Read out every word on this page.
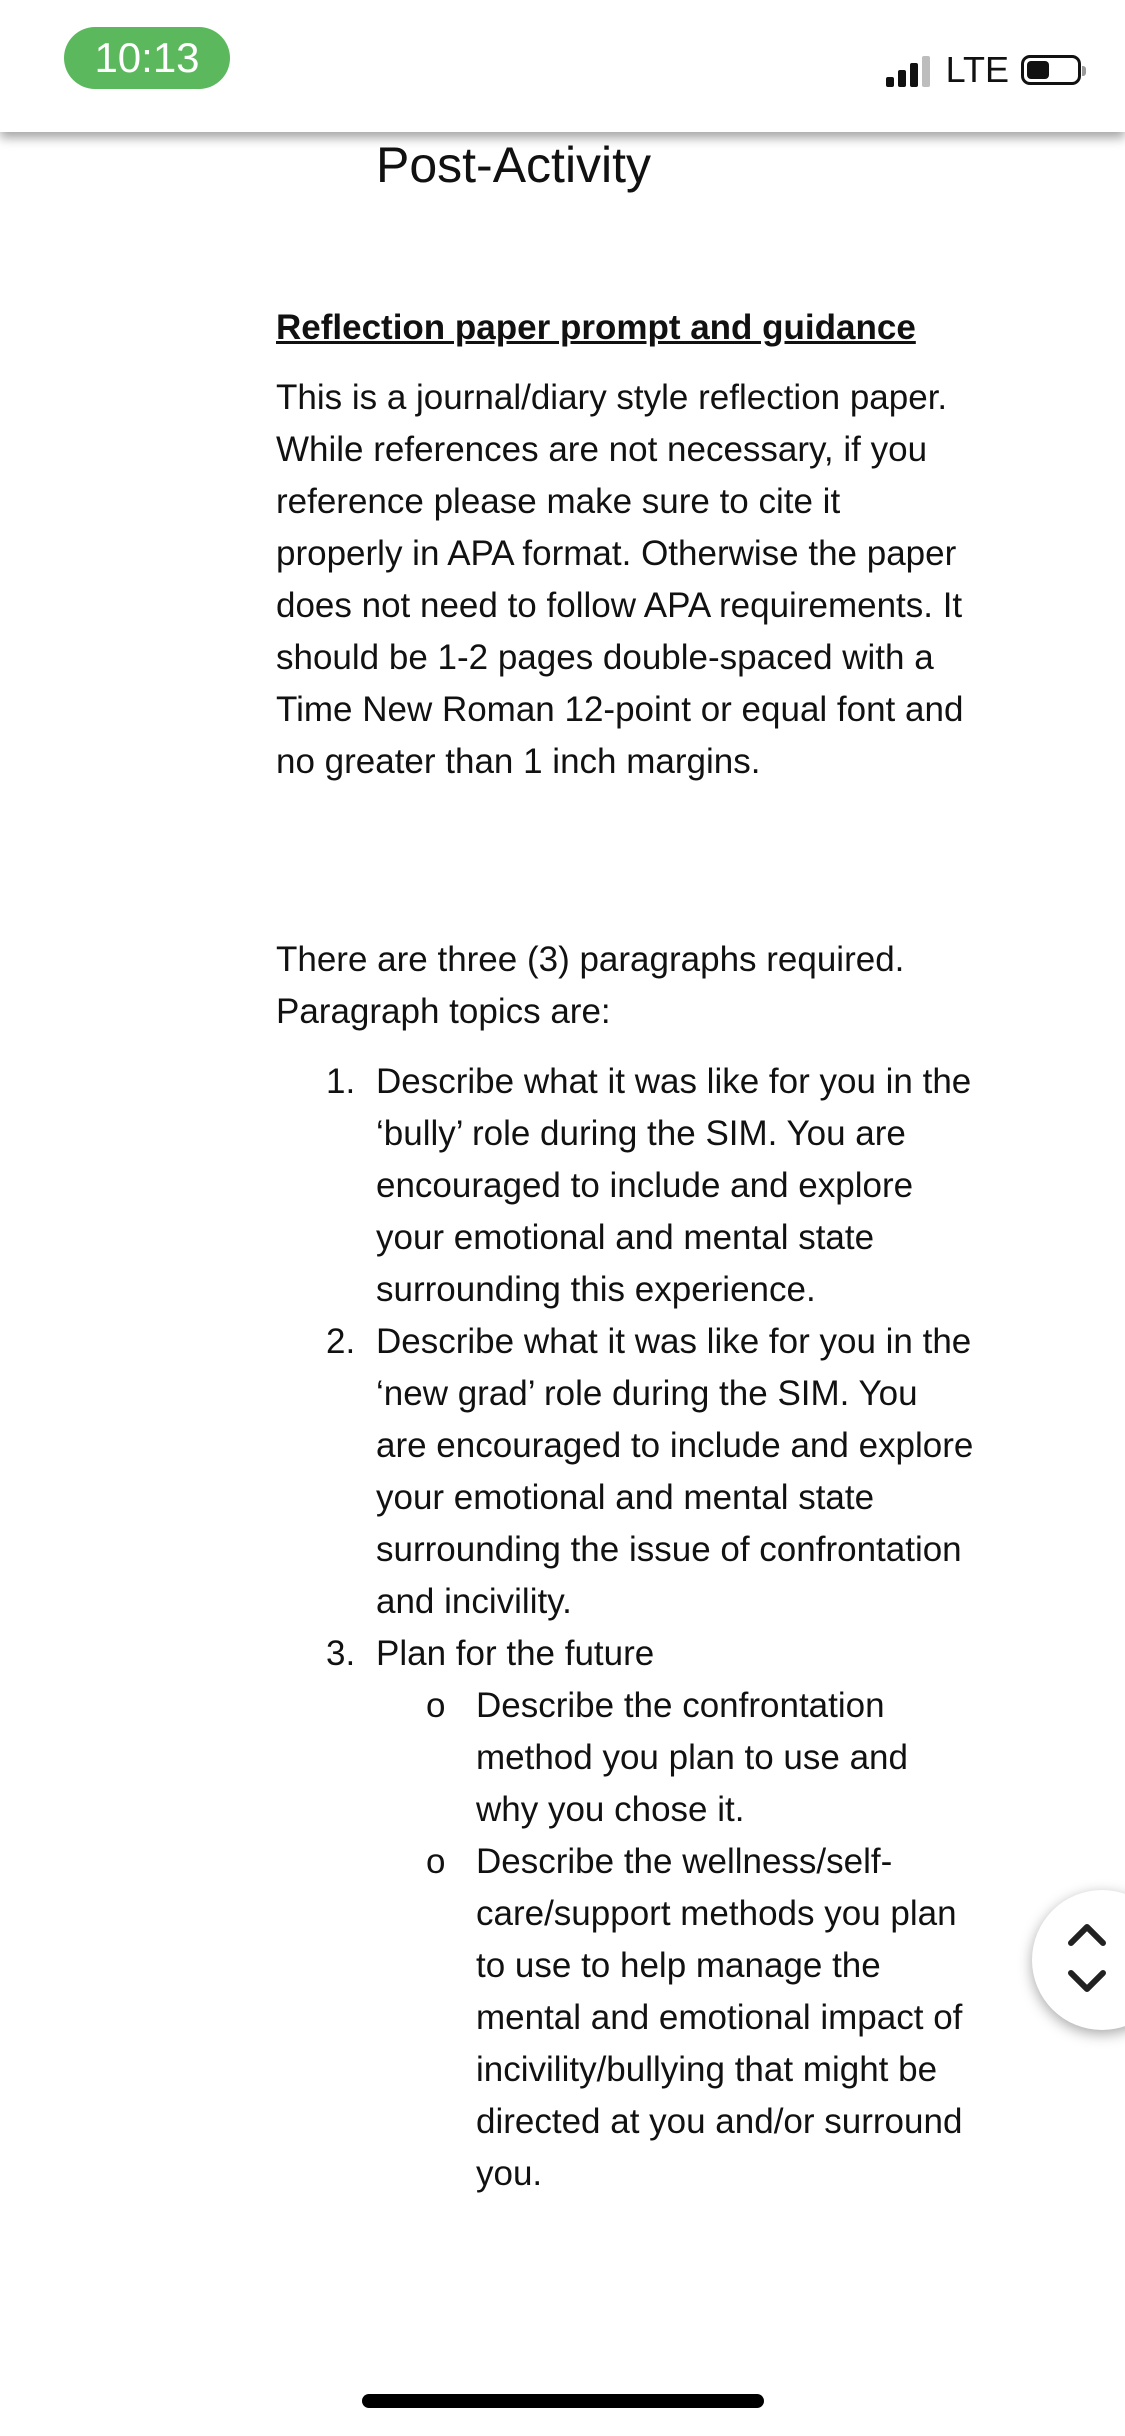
10:13	LTE
Post-Activity

Reflection paper prompt and guidance

This is a journal/diary style reflection paper. While references are not necessary, if you reference please make sure to cite it properly in APA format. Otherwise the paper does not need to follow APA requirements. It should be 1-2 pages double-spaced with a Time New Roman 12-point or equal font and no greater than 1 inch margins.

There are three (3) paragraphs required. Paragraph topics are:

1. Describe what it was like for you in the ‘bully’ role during the SIM. You are encouraged to include and explore your emotional and mental state surrounding this experience.
2. Describe what it was like for you in the ‘new grad’ role during the SIM. You are encouraged to include and explore your emotional and mental state surrounding the issue of confrontation and incivility.
3. Plan for the future
o Describe the confrontation method you plan to use and why you chose it.
o Describe the wellness/self-care/support methods you plan to use to help manage the mental and emotional impact of incivility/bullying that might be directed at you and/or surround you.
